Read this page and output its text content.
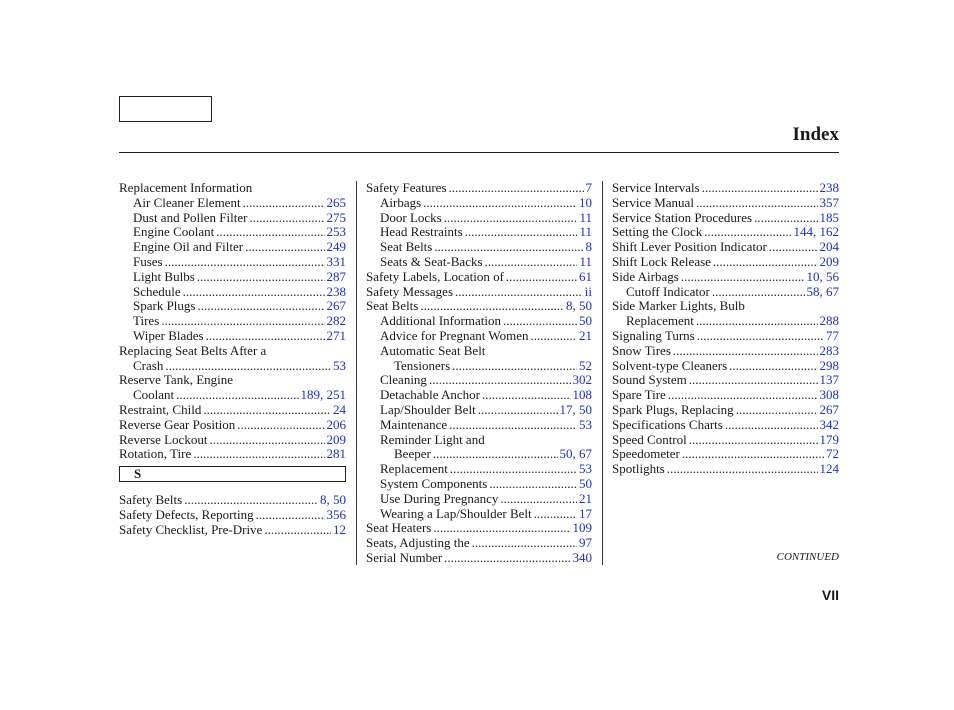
Index
Replacement Information
Air Cleaner Element .....	265
Dust and Pollen Filter .....	275
Engine Coolant .....	253
Engine Oil and Filter .....	249
Fuses .....	331
Light Bulbs .....	287
Schedule .....	238
Spark Plugs .....	267
Tires .....	282
Wiper Blades .....	271
Replacing Seat Belts After a
Crash .....	53
Reserve Tank, Engine
Coolant .....	189, 251
Restraint, Child .....	24
Reverse Gear Position .....	206
Reverse Lockout .....	209
Rotation, Tire .....	281
S
Safety Belts .....	8, 50
Safety Defects, Reporting .....	356
Safety Checklist, Pre-Drive .....	12
Safety Features .....	7
Airbags .....	10
Door Locks .....	11
Head Restraints .....	11
Seat Belts .....	8
Seats & Seat-Backs .....	11
Safety Labels, Location of .....	61
Safety Messages .....	ii
Seat Belts .....	8, 50
Additional Information .....	50
Advice for Pregnant Women .....	21
Automatic Seat Belt
Tensioners .....	52
Cleaning .....	302
Detachable Anchor .....	108
Lap/Shoulder Belt .....	17, 50
Maintenance .....	53
Reminder Light and
Beeper .....	50, 67
Replacement .....	53
System Components .....	50
Use During Pregnancy .....	21
Wearing a Lap/Shoulder Belt .....	17
Seat Heaters .....	109
Seats, Adjusting the .....	97
Serial Number .....	340
Service Intervals .....	238
Service Manual .....	357
Service Station Procedures .....	185
Setting the Clock .....	144, 162
Shift Lever Position Indicator .....	204
Shift Lock Release .....	209
Side Airbags .....	10, 56
Cutoff Indicator .....	58, 67
Side Marker Lights, Bulb
Replacement .....	288
Signaling Turns .....	77
Snow Tires .....	283
Solvent-type Cleaners .....	298
Sound System .....	137
Spare Tire .....	308
Spark Plugs, Replacing .....	267
Specifications Charts .....	342
Speed Control .....	179
Speedometer .....	72
Spotlights .....	124
CONTINUED
VII
